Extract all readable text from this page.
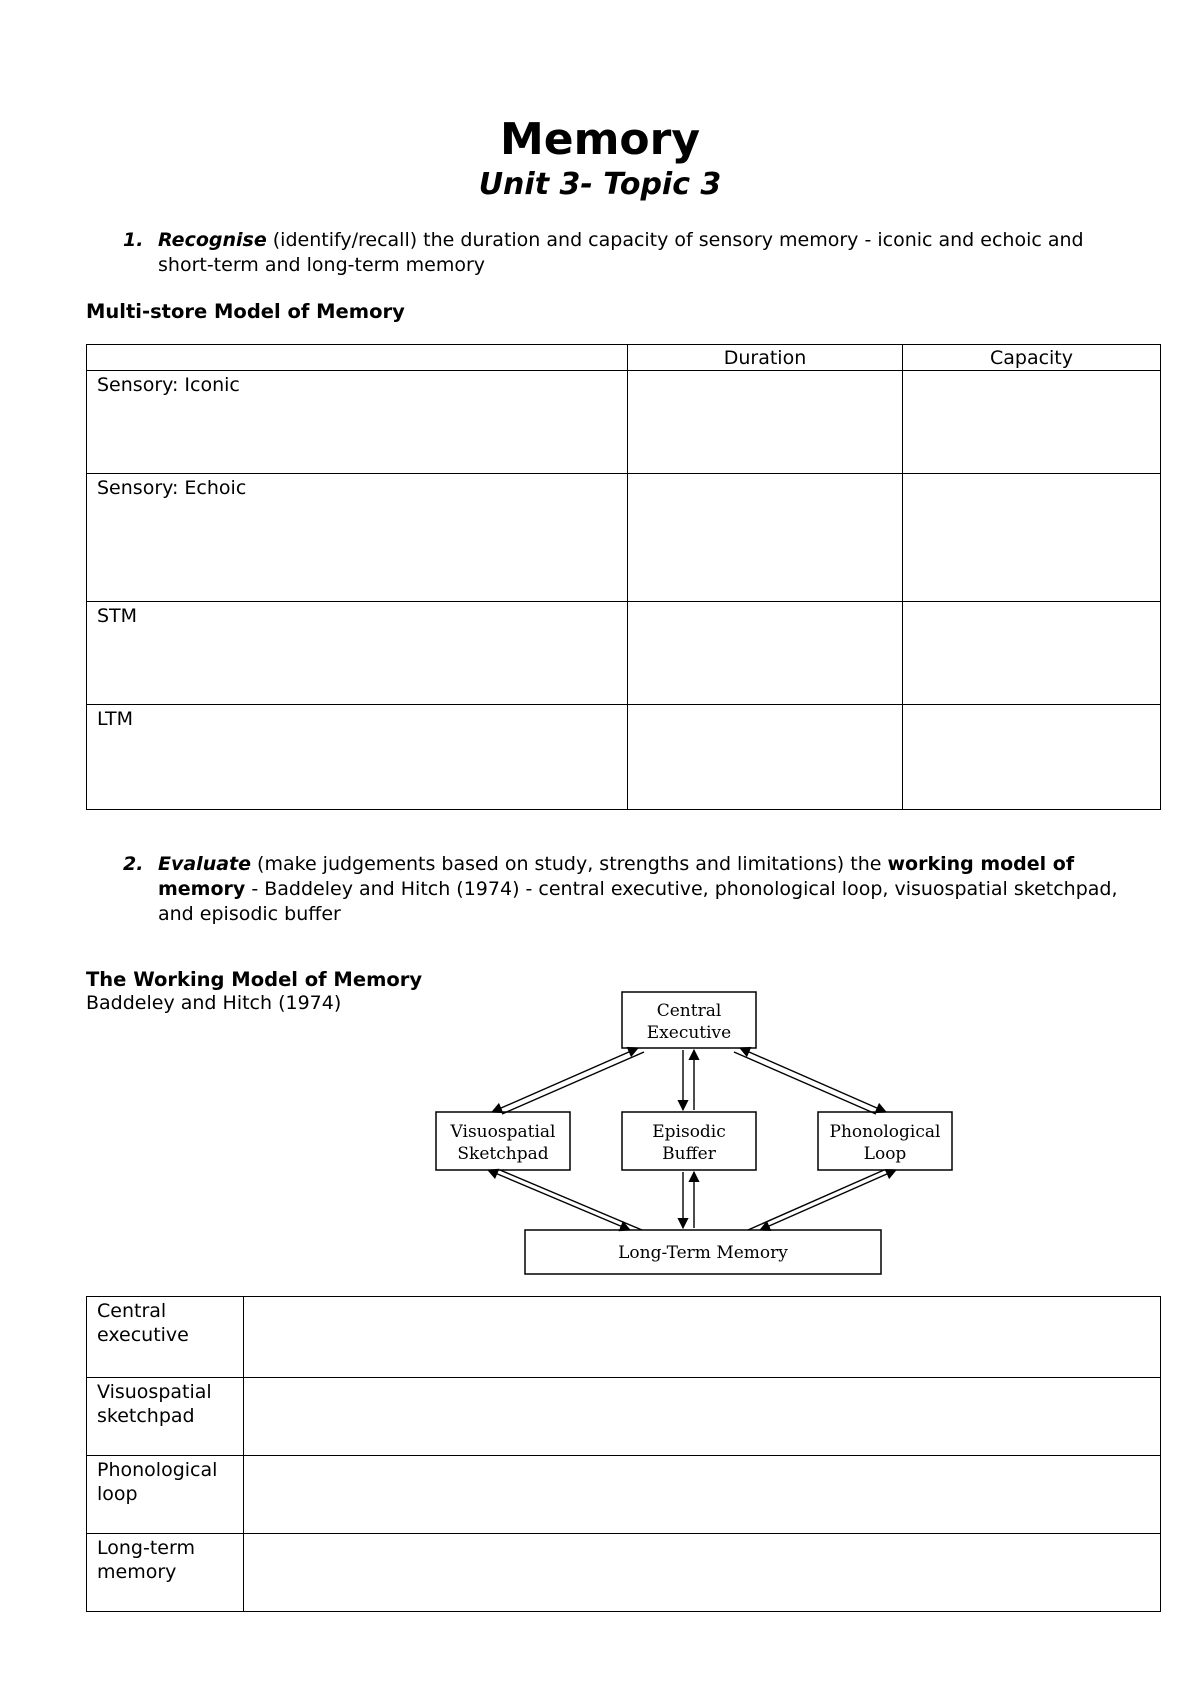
Memory
Unit 3- Topic 3
1. Recognise (identify/recall) the duration and capacity of sensory memory - iconic and echoic and short-term and long-term memory
Multi-store Model of Memory
	Duration	Capacity
Sensory: Iconic		
Sensory: Echoic		
STM		
LTM		
2. Evaluate (make judgements based on study, strengths and limitations) the working model of memory - Baddeley and Hitch (1974) - central executive, phonological loop, visuospatial sketchpad, and episodic buffer
The Working Model of Memory
Baddeley and Hitch (1974)	Central
Executive
Visuospatial
Sketchpad
Episodic
Buffer
Phonological
Loop
Long-Term Memory
Central executive	
Visuospatial sketchpad	
Phonological loop	
Long-term memory	
